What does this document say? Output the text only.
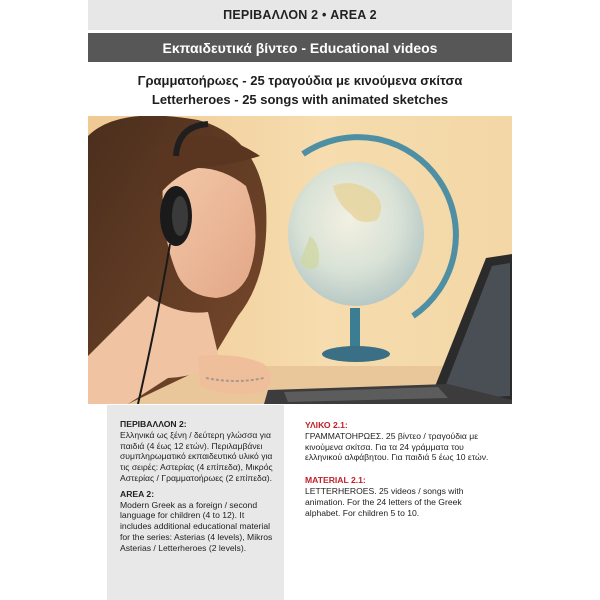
ΠΕΡΙΒΑΛΛΟΝ 2 • AREA 2
Εκπαιδευτικά βίντεο - Educational videos
Γραμματοήρωες - 25 τραγούδια με κινούμενα σκίτσα
Letterheroes - 25 songs with animated sketches
ΠΕΡΙΒΑΛΛΟΝ 2:

Ελληνικά ως ξένη / δεύτερη γλώσσα για παιδιά (4 έως 12 ετών). Περιλαμβάνει συμπληρωματικό εκπαιδευτικό υλικό για τις σειρές: Αστερίας (4 επίπεδα), Μικρός Αστερίας / Γραμματοήρωες (2 επίπεδα).

AREA 2:

Modern Greek as a foreign / second language for children (4 to 12). It includes additional educational material for the series: Asterias (4 levels), Mikros Asterias / Letterheroes (2 levels).

ΥΛΙΚΟ 2.1:

ΓΡΑΜΜΑΤΟΗΡΩΕΣ. 25 βίντεο / τραγούδια με κινούμενα σκίτσα. Για τα 24 γράμματα του ελληνικού αλφάβητου. Για παιδιά 5 έως 10 ετών.

MATERIAL 2.1:

LETTERHEROES. 25 videos / songs with animation. For the 24 letters of the Greek alphabet. For children 5 to 10.
